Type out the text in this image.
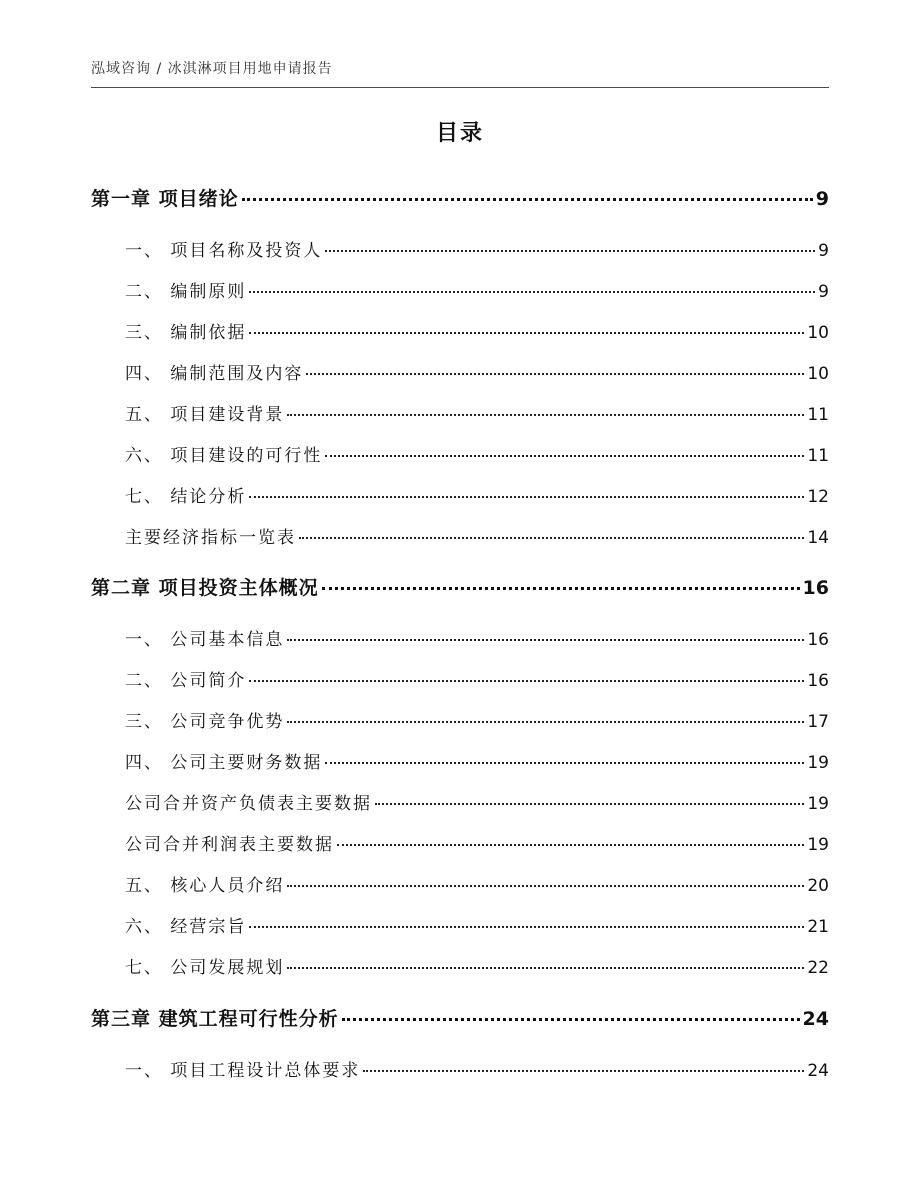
泓域咨询 / 冰淇淋项目用地申请报告
目录
第一章 项目绪论	9
一、 项目名称及投资人	9
二、 编制原则	9
三、 编制依据	10
四、 编制范围及内容	10
五、 项目建设背景	11
六、 项目建设的可行性	11
七、 结论分析	12
主要经济指标一览表	14
第二章 项目投资主体概况	16
一、 公司基本信息	16
二、 公司简介	16
三、 公司竞争优势	17
四、 公司主要财务数据	19
公司合并资产负债表主要数据	19
公司合并利润表主要数据	19
五、 核心人员介绍	20
六、 经营宗旨	21
七、 公司发展规划	22
第三章 建筑工程可行性分析	24
一、 项目工程设计总体要求	24
